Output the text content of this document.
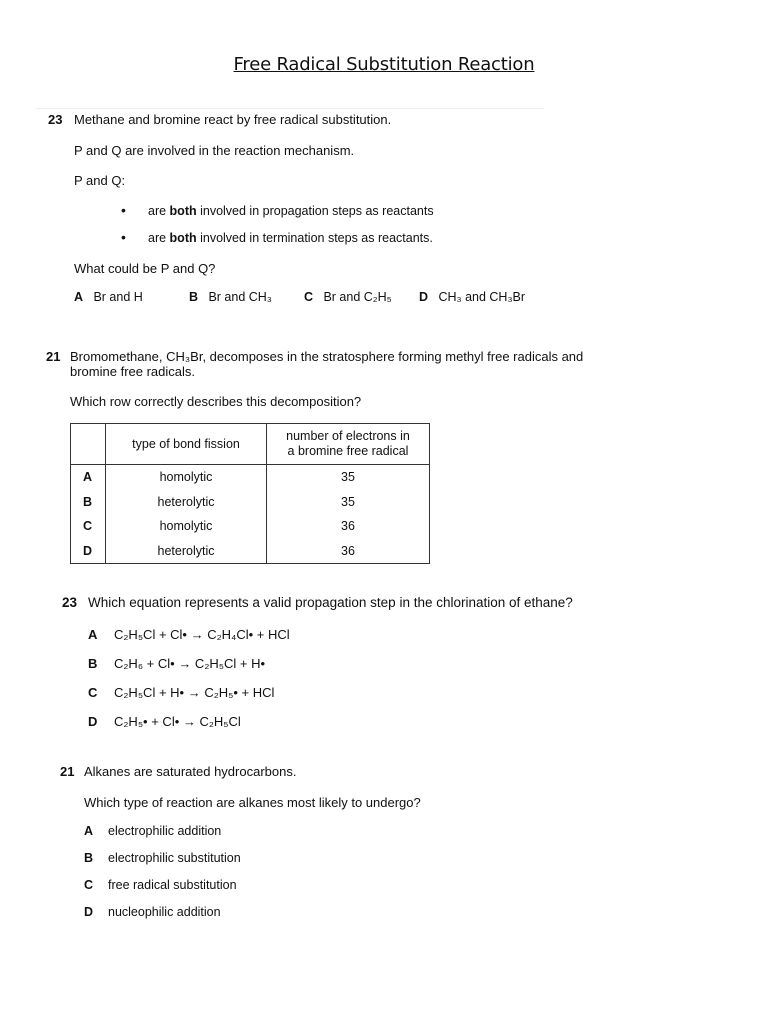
Free Radical Substitution Reaction
23 Methane and bromine react by free radical substitution.
P and Q are involved in the reaction mechanism.
P and Q:
• are both involved in propagation steps as reactants
• are both involved in termination steps as reactants.
What could be P and Q?
A Br and H	B Br and CH₃	C Br and C₂H₅ D CH₃ and CH₃Br
21 Bromomethane, CH₃Br, decomposes in the stratosphere forming methyl free radicals and
bromine free radicals.
Which row correctly describes this decomposition?
	type of bond fission	number of electrons in
a bromine free radical
A	homolytic	35
B	heterolytic	35
C	homolytic	36
D	heterolytic	36
23 Which equation represents a valid propagation step in the chlorination of ethane?
A C₂H₅Cl + Cl• → C₂H₄Cl• + HCl
B C₂H₆ + Cl• → C₂H₅Cl + H•
C C₂H₅Cl + H• → C₂H₅• + HCl
D C₂H₅• + Cl• → C₂H₅Cl
21 Alkanes are saturated hydrocarbons.
Which type of reaction are alkanes most likely to undergo?
A electrophilic addition
B electrophilic substitution
C free radical substitution
D nucleophilic addition
